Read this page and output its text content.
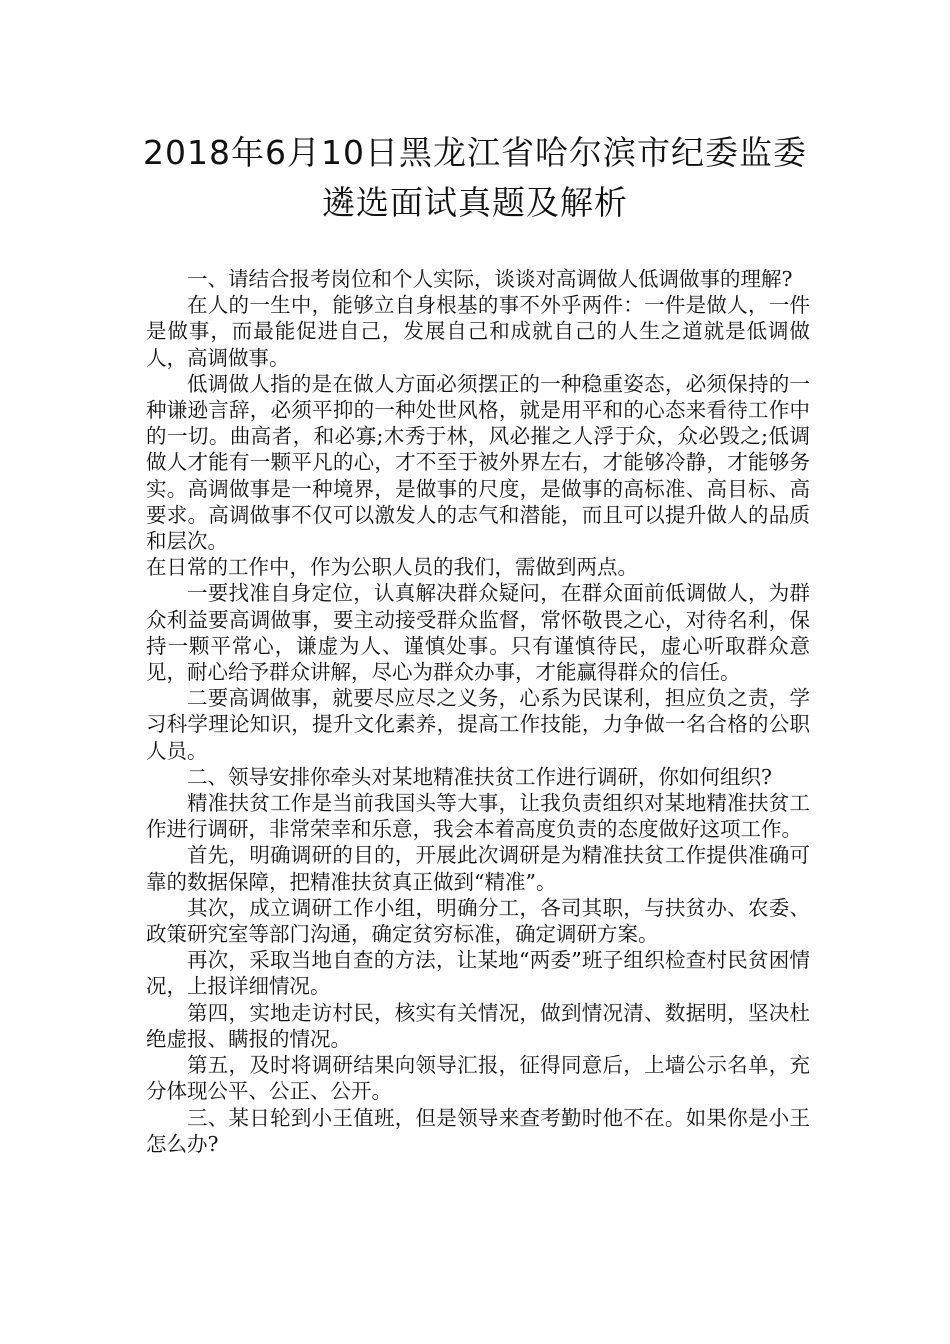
2018年6月10日黑龙江省哈尔滨市纪委监委遴选面试真题及解析

一、请结合报考岗位和个人实际，谈谈对高调做人低调做事的理解?

在人的一生中，能够立自身根基的事不外乎两件：一件是做人，一件是做事，而最能促进自己，发展自己和成就自己的人生之道就是低调做人，高调做事。

低调做人指的是在做人方面必须摆正的一种稳重姿态，必须保持的一种谦逊言辞，必须平抑的一种处世风格，就是用平和的心态来看待工作中的一切。曲高者，和必寡;木秀于林，风必摧之人浮于众，众必毁之;低调做人才能有一颗平凡的心，才不至于被外界左右，才能够冷静，才能够务实。高调做事是一种境界，是做事的尺度，是做事的高标准、高目标、高要求。高调做事不仅可以激发人的志气和潜能，而且可以提升做人的品质和层次。

在日常的工作中，作为公职人员的我们，需做到两点。

一要找准自身定位，认真解决群众疑问，在群众面前低调做人，为群众利益要高调做事，要主动接受群众监督，常怀敬畏之心，对待名利，保持一颗平常心，谦虚为人、谨慎处事。只有谨慎待民，虚心听取群众意见，耐心给予群众讲解，尽心为群众办事，才能赢得群众的信任。

二要高调做事，就要尽应尽之义务，心系为民谋利，担应负之责，学习科学理论知识，提升文化素养，提高工作技能，力争做一名合格的公职人员。

二、领导安排你牵头对某地精准扶贫工作进行调研，你如何组织?

精准扶贫工作是当前我国头等大事，让我负责组织对某地精准扶贫工作进行调研，非常荣幸和乐意，我会本着高度负责的态度做好这项工作。

首先，明确调研的目的，开展此次调研是为精准扶贫工作提供准确可靠的数据保障，把精准扶贫真正做到“精准”。

其次，成立调研工作小组，明确分工，各司其职，与扶贫办、农委、政策研究室等部门沟通，确定贫穷标准，确定调研方案。

再次，采取当地自查的方法，让某地“两委”班子组织检查村民贫困情况，上报详细情况。

第四，实地走访村民，核实有关情况，做到情况清、数据明，坚决杜绝虚报、瞒报的情况。

第五，及时将调研结果向领导汇报，征得同意后，上墙公示名单，充分体现公平、公正、公开。

三、某日轮到小王值班，但是领导来查考勤时他不在。如果你是小王怎么办?
